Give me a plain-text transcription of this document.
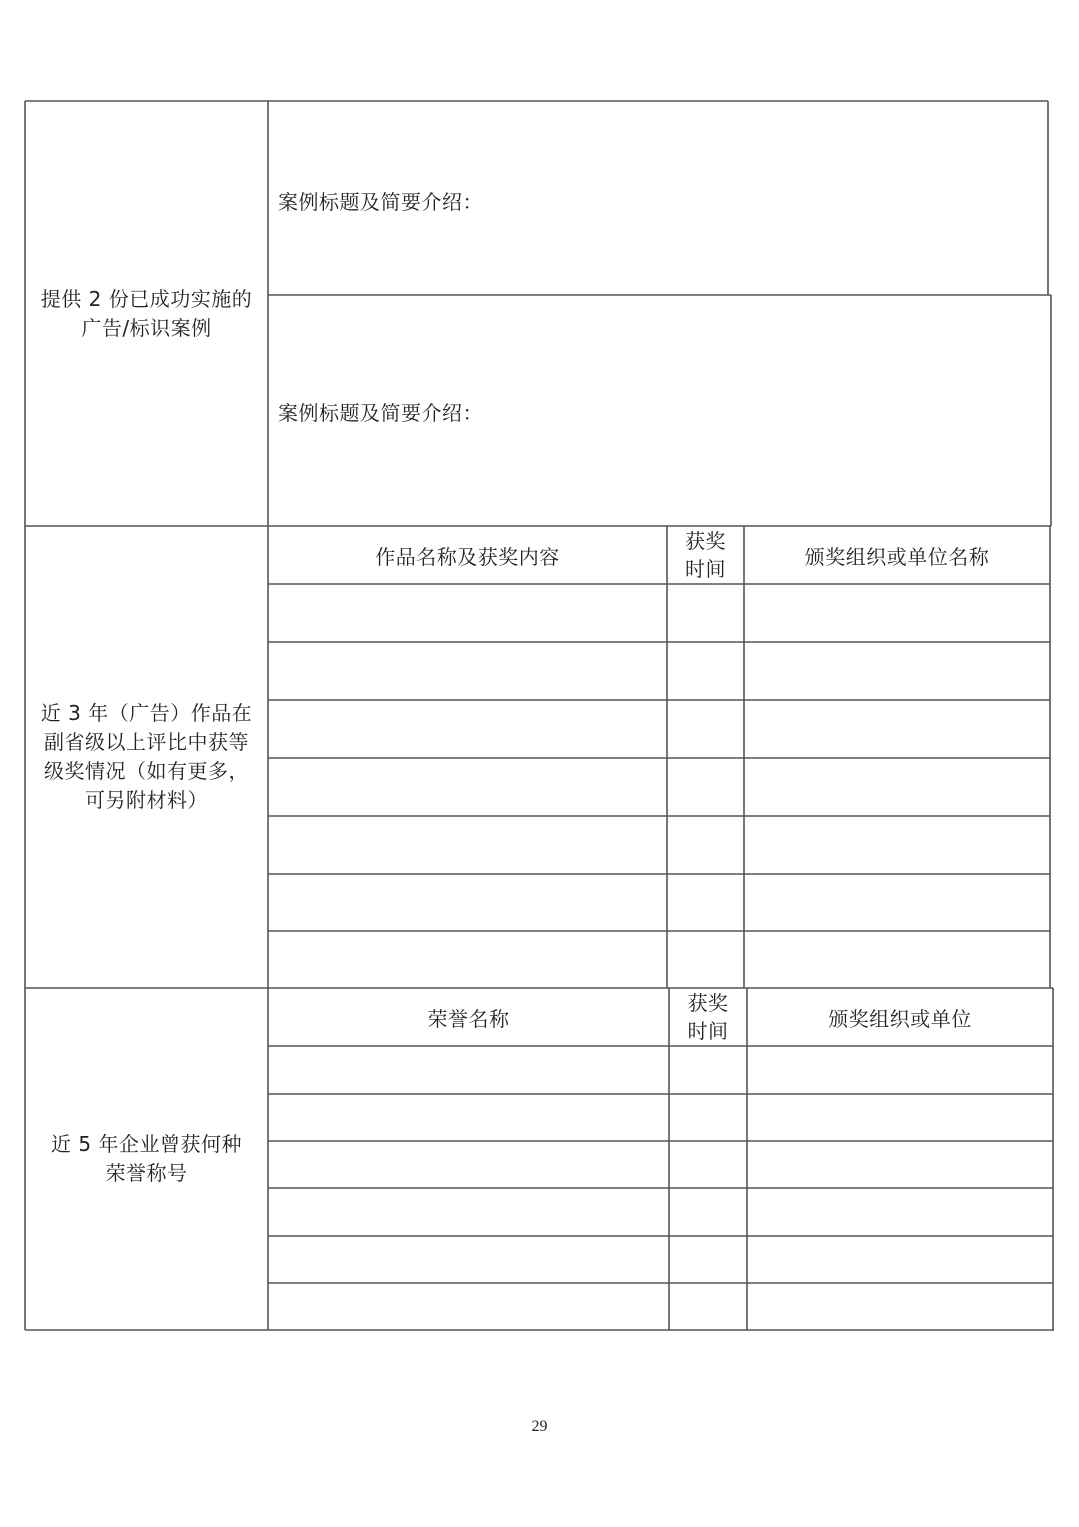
提供 2 份已成功实施的
广告/标识案例
案例标题及简要介绍：
案例标题及简要介绍：
近 3 年（广告）作品在
副省级以上评比中获等
级奖情况（如有更多，
可另附材料）
作品名称及获奖内容
获奖
时间
颁奖组织或单位名称
近 5 年企业曾获何种
荣誉称号
荣誉名称
获奖
时间
颁奖组织或单位
29
